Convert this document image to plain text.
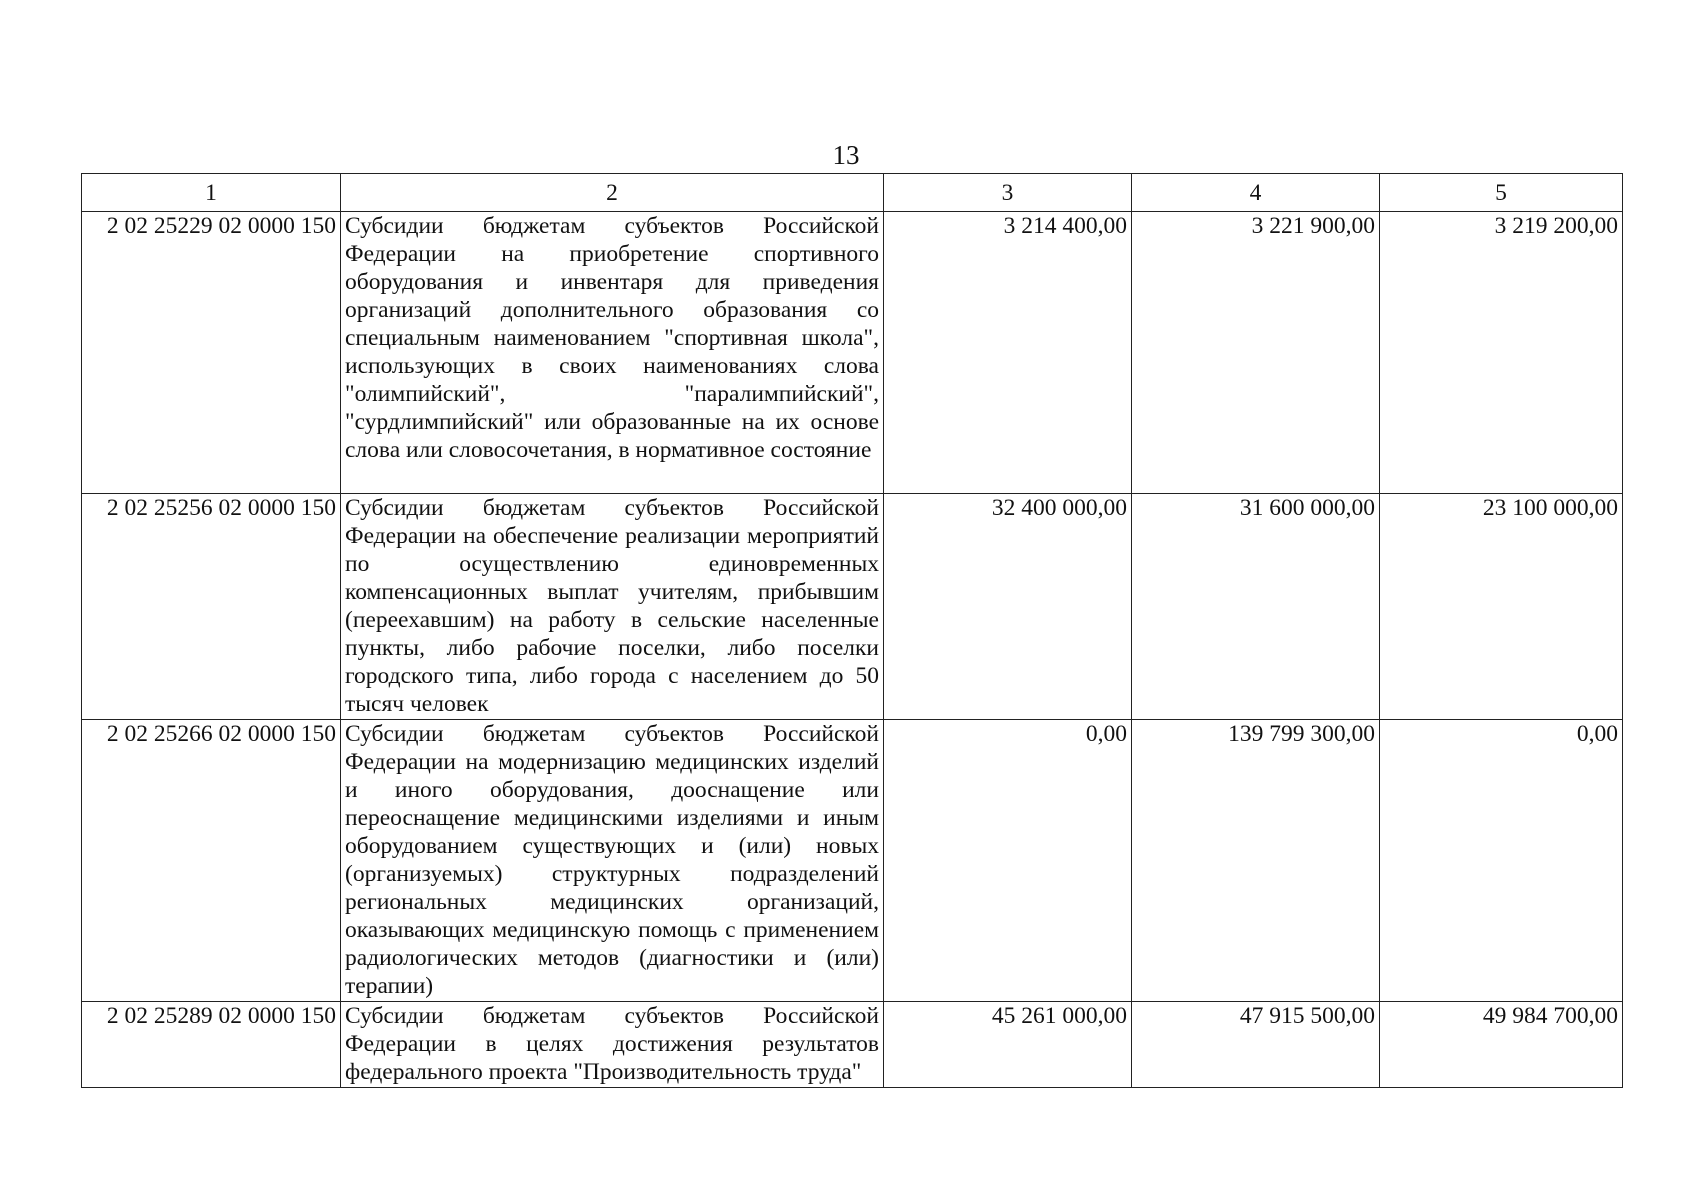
13
1	2	3	4	5
2 02 25229 02 0000 150	Субсидии бюджетам субъектов Российской Федерации на приобретение спортивного оборудования и инвентаря для приведения организаций дополнительного образования со специальным наименованием "спортивная школа", использующих в своих наименованиях слова "олимпийский", "паралимпийский", "сурдлимпийский" или образованные на их основе слова или словосочетания, в нормативное состояние	3 214 400,00	3 221 900,00	3 219 200,00
2 02 25256 02 0000 150	Субсидии бюджетам субъектов Российской Федерации на обеспечение реализации мероприятий по осуществлению единовременных компенсационных выплат учителям, прибывшим (переехавшим) на работу в сельские населенные пункты, либо рабочие поселки, либо поселки городского типа, либо города с населением до 50 тысяч человек	32 400 000,00	31 600 000,00	23 100 000,00
2 02 25266 02 0000 150	Субсидии бюджетам субъектов Российской Федерации на модернизацию медицинских изделий и иного оборудования, дооснащение или переоснащение медицинскими изделиями и иным оборудованием существующих и (или) новых (организуемых) структурных подразделений региональных медицинских организаций, оказывающих медицинскую помощь с применением радиологических методов (диагностики и (или) терапии)	0,00	139 799 300,00	0,00
2 02 25289 02 0000 150	Субсидии бюджетам субъектов Российской Федерации в целях достижения результатов федерального проекта "Производительность труда"	45 261 000,00	47 915 500,00	49 984 700,00
